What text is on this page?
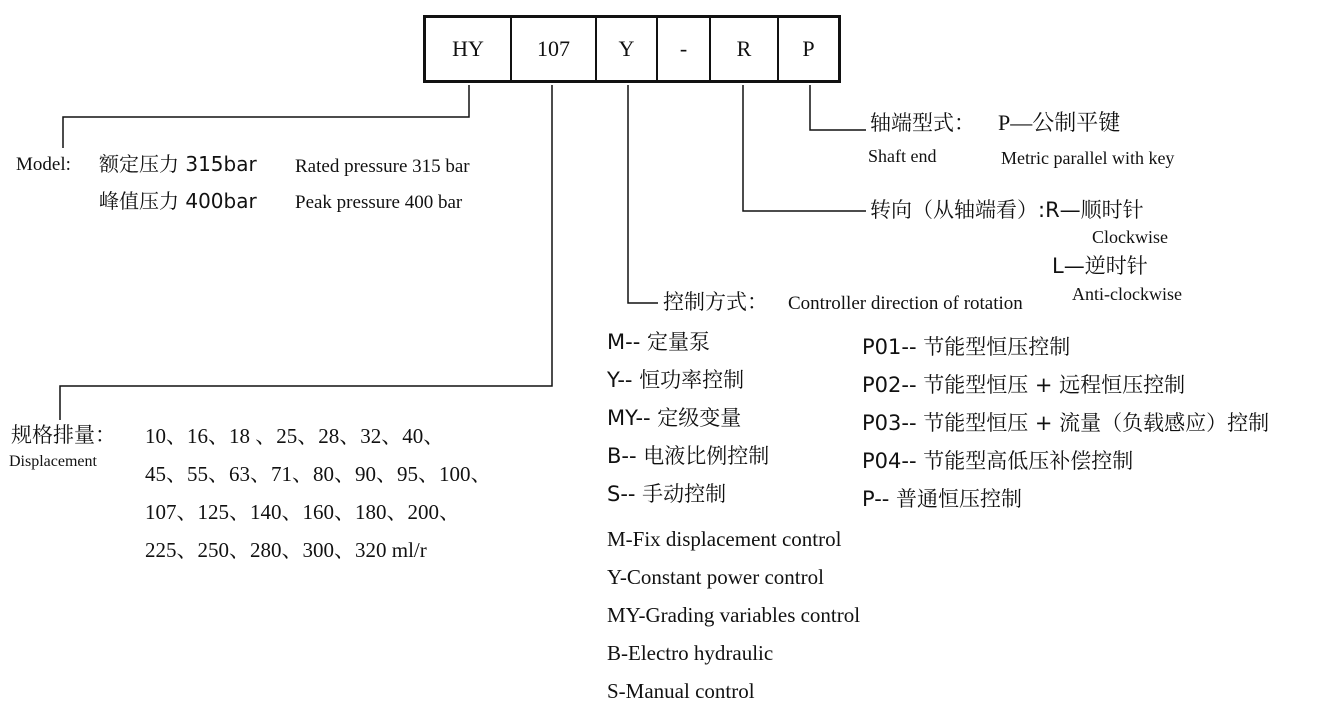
HY	107	Y	-	R	P
轴端型式： P—公制平键
Shaft end	Metric parallel with key
转向（从轴端看）:R—顺时针
Clockwise
L—逆时针
Anti-clockwise
控制方式： Controller direction of rotation
M-- 定量泵
Y-- 恒功率控制
MY-- 定级变量
B-- 电液比例控制
S-- 手动控制
P01-- 节能型恒压控制
P02-- 节能型恒压 + 远程恒压控制
P03-- 节能型恒压 + 流量（负载感应）控制
P04-- 节能型高低压补偿控制
P-- 普通恒压控制
M-Fix displacement control
Y-Constant power control
MY-Grading variables control
B-Electro hydraulic
S-Manual control
Model: 额定压力 315bar Rated pressure 315 bar
峰值压力 400bar Peak pressure 400 bar
规格排量：
Displacement
10、16、18 、25、28、32、40、
45、55、63、71、80、90、95、100、
107、125、140、160、180、200、
225、250、280、300、320 ml/r
